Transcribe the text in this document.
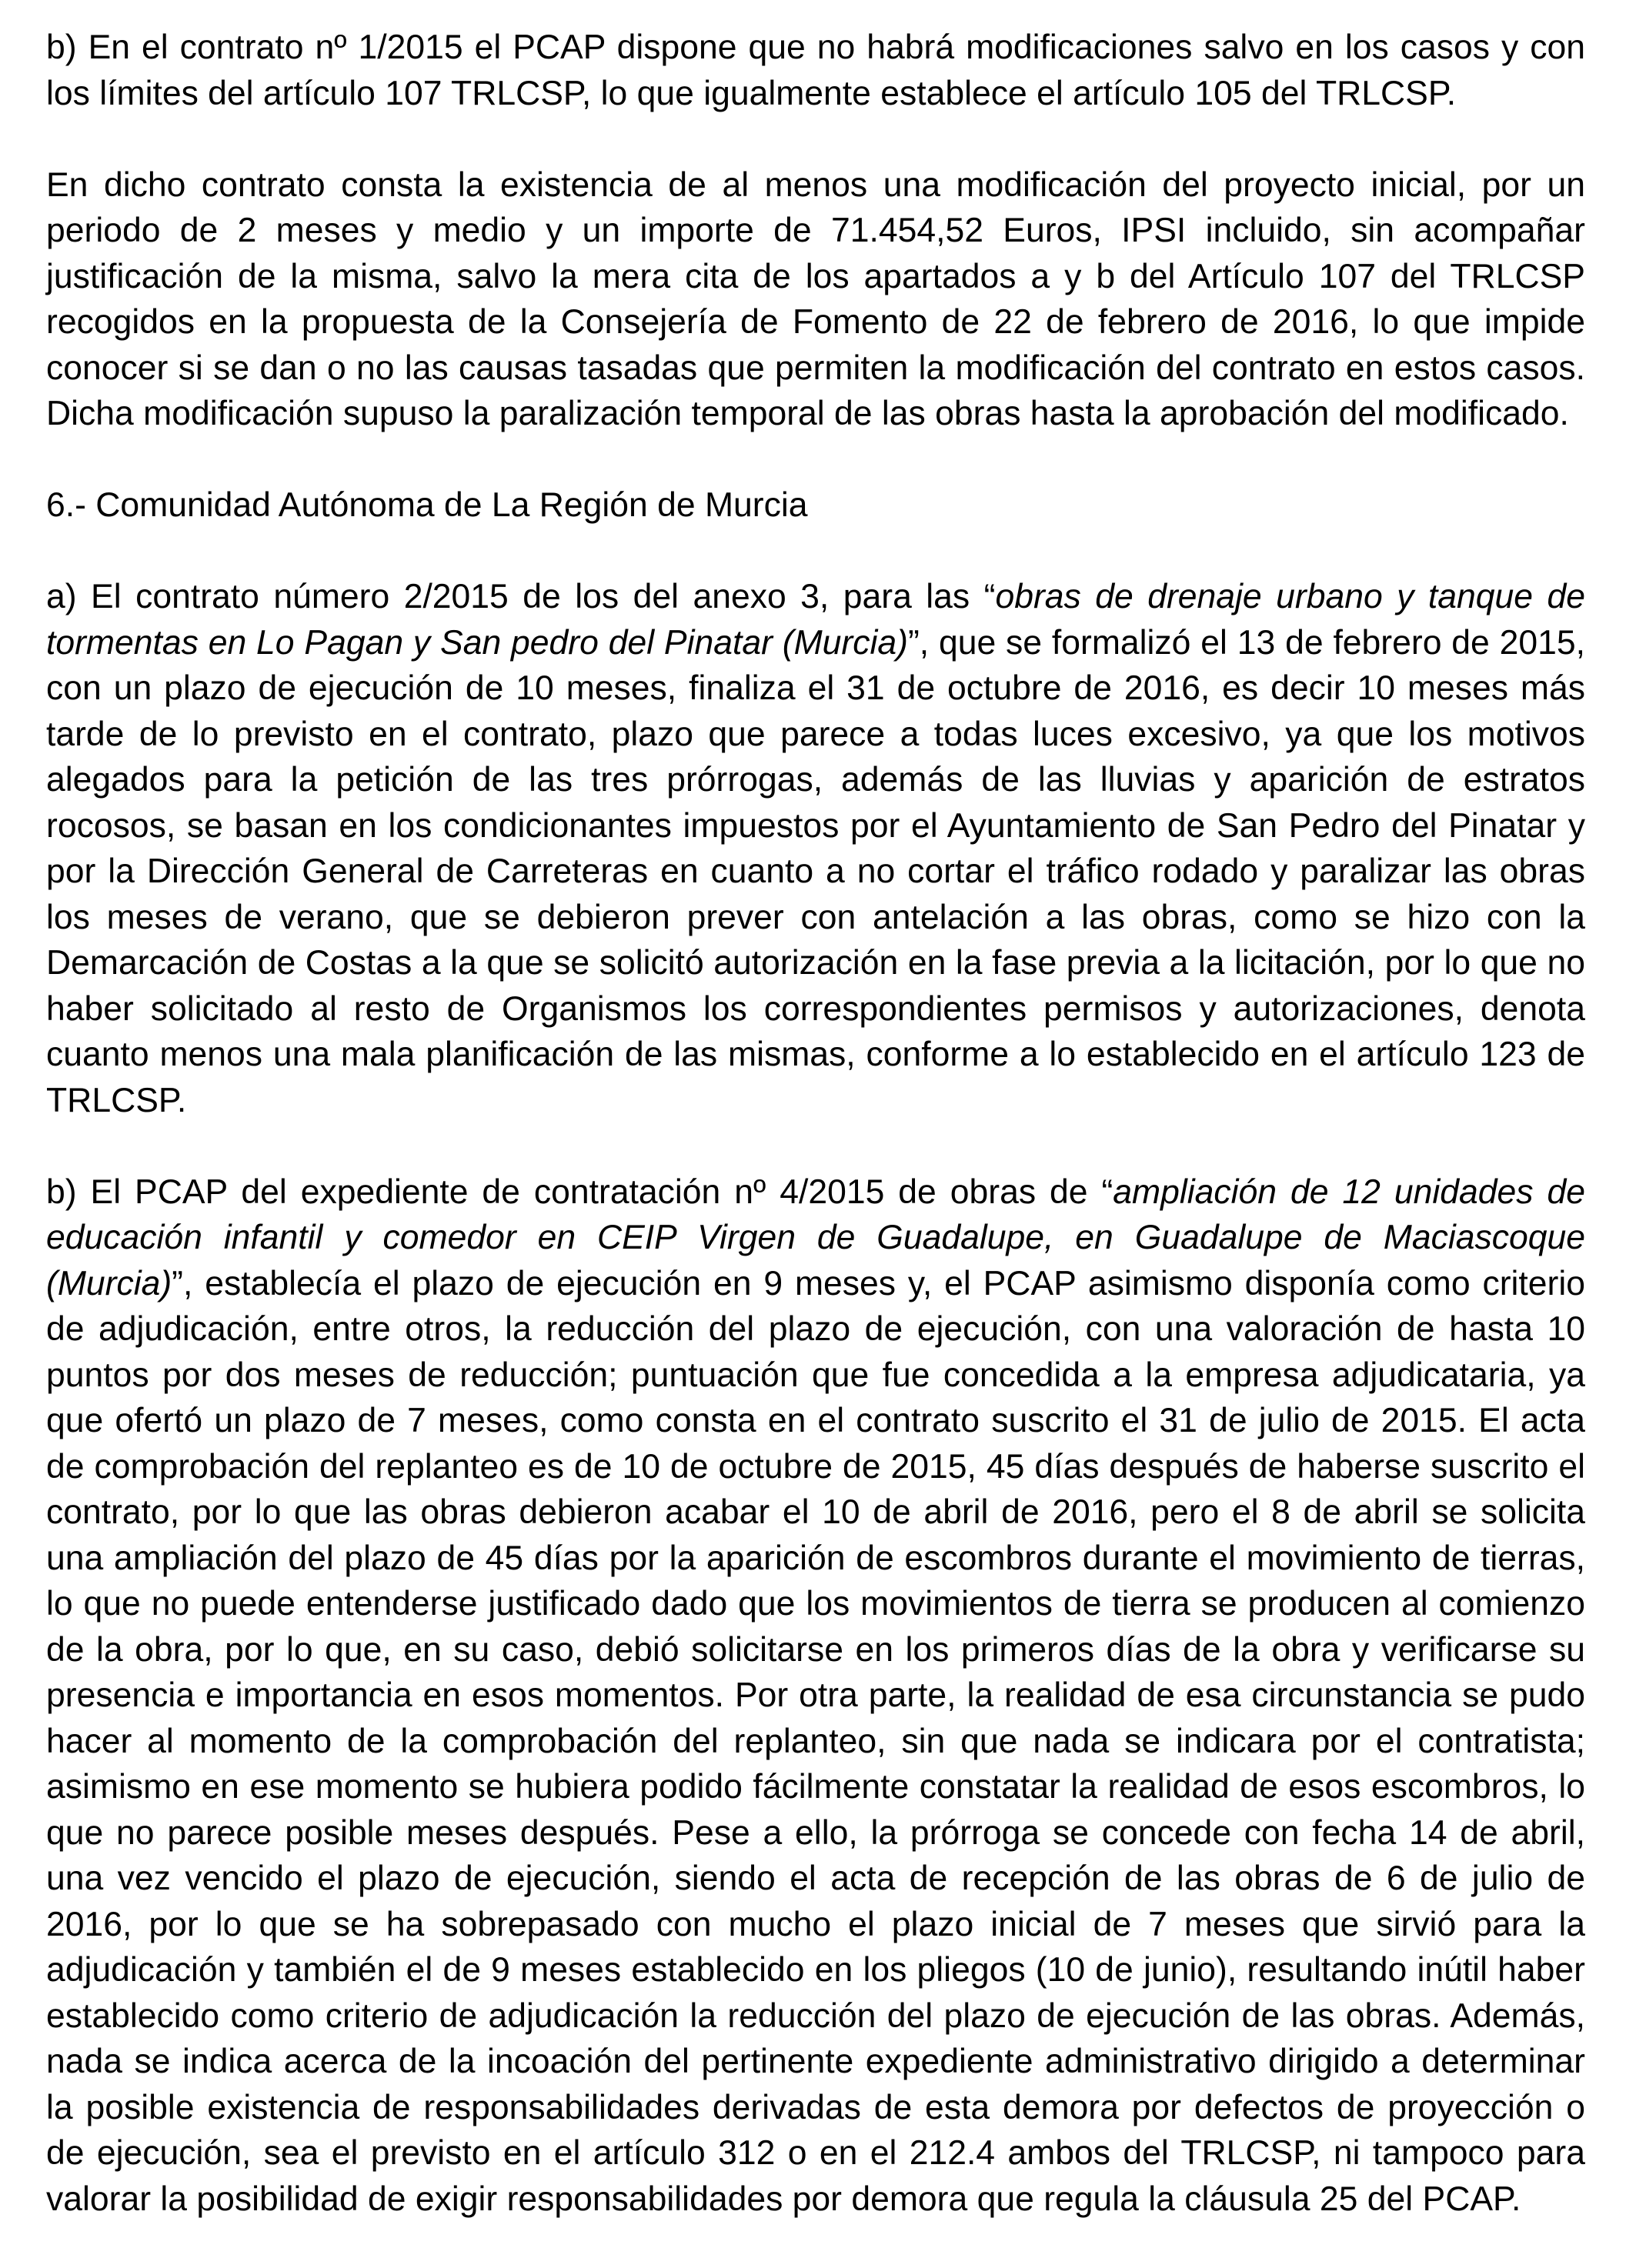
b) En el contrato nº 1/2015 el PCAP dispone que no habrá modificaciones salvo en los casos y con los límites del artículo 107 TRLCSP, lo que igualmente establece el artículo 105 del TRLCSP.

En dicho contrato consta la existencia de al menos una modificación del proyecto inicial, por un periodo de 2 meses y medio y un importe de 71.454,52 Euros, IPSI incluido, sin acompañar justificación de la misma, salvo la mera cita de los apartados a y b del Artículo 107 del TRLCSP recogidos en la propuesta de la Consejería de Fomento de 22 de febrero de 2016, lo que impide conocer si se dan o no las causas tasadas que permiten la modificación del contrato en estos casos. Dicha modificación supuso la paralización temporal de las obras hasta la aprobación del modificado.

6.- Comunidad Autónoma de La Región de Murcia

a) El contrato número 2/2015 de los del anexo 3, para las “obras de drenaje urbano y tanque de tormentas en Lo Pagan y San pedro del Pinatar (Murcia)”, que se formalizó el 13 de febrero de 2015, con un plazo de ejecución de 10 meses, finaliza el 31 de octubre de 2016, es decir 10 meses más tarde de lo previsto en el contrato, plazo que parece a todas luces excesivo, ya que los motivos alegados para la petición de las tres prórrogas, además de las lluvias y aparición de estratos rocosos, se basan en los condicionantes impuestos por el Ayuntamiento de San Pedro del Pinatar y por la Dirección General de Carreteras en cuanto a no cortar el tráfico rodado y paralizar las obras los meses de verano, que se debieron prever con antelación a las obras, como se hizo con la Demarcación de Costas a la que se solicitó autorización en la fase previa a la licitación, por lo que no haber solicitado al resto de Organismos los correspondientes permisos y autorizaciones, denota cuanto menos una mala planificación de las mismas, conforme a lo establecido en el artículo 123 de TRLCSP.

b) El PCAP del expediente de contratación nº 4/2015 de obras de “ampliación de 12 unidades de educación infantil y comedor en CEIP Virgen de Guadalupe, en Guadalupe de Maciascoque (Murcia)”, establecía el plazo de ejecución en 9 meses y, el PCAP asimismo disponía como criterio de adjudicación, entre otros, la reducción del plazo de ejecución, con una valoración de hasta 10 puntos por dos meses de reducción; puntuación que fue concedida a la empresa adjudicataria, ya que ofertó un plazo de 7 meses, como consta en el contrato suscrito el 31 de julio de 2015. El acta de comprobación del replanteo es de 10 de octubre de 2015, 45 días después de haberse suscrito el contrato, por lo que las obras debieron acabar el 10 de abril de 2016, pero el 8 de abril se solicita una ampliación del plazo de 45 días por la aparición de escombros durante el movimiento de tierras, lo que no puede entenderse justificado dado que los movimientos de tierra se producen al comienzo de la obra, por lo que, en su caso, debió solicitarse en los primeros días de la obra y verificarse su presencia e importancia en esos momentos. Por otra parte, la realidad de esa circunstancia se pudo hacer al momento de la comprobación del replanteo, sin que nada se indicara por el contratista; asimismo en ese momento se hubiera podido fácilmente constatar la realidad de esos escombros, lo que no parece posible meses después. Pese a ello, la prórroga se concede con fecha 14 de abril, una vez vencido el plazo de ejecución, siendo el acta de recepción de las obras de 6 de julio de 2016, por lo que se ha sobrepasado con mucho el plazo inicial de 7 meses que sirvió para la adjudicación y también el de 9 meses establecido en los pliegos (10 de junio), resultando inútil haber establecido como criterio de adjudicación la reducción del plazo de ejecución de las obras. Además, nada se indica acerca de la incoación del pertinente expediente administrativo dirigido a determinar la posible existencia de responsabilidades derivadas de esta demora por defectos de proyección o de ejecución, sea el previsto en el artículo 312 o en el 212.4 ambos del TRLCSP, ni tampoco para valorar la posibilidad de exigir responsabilidades por demora que regula la cláusula 25 del PCAP.
